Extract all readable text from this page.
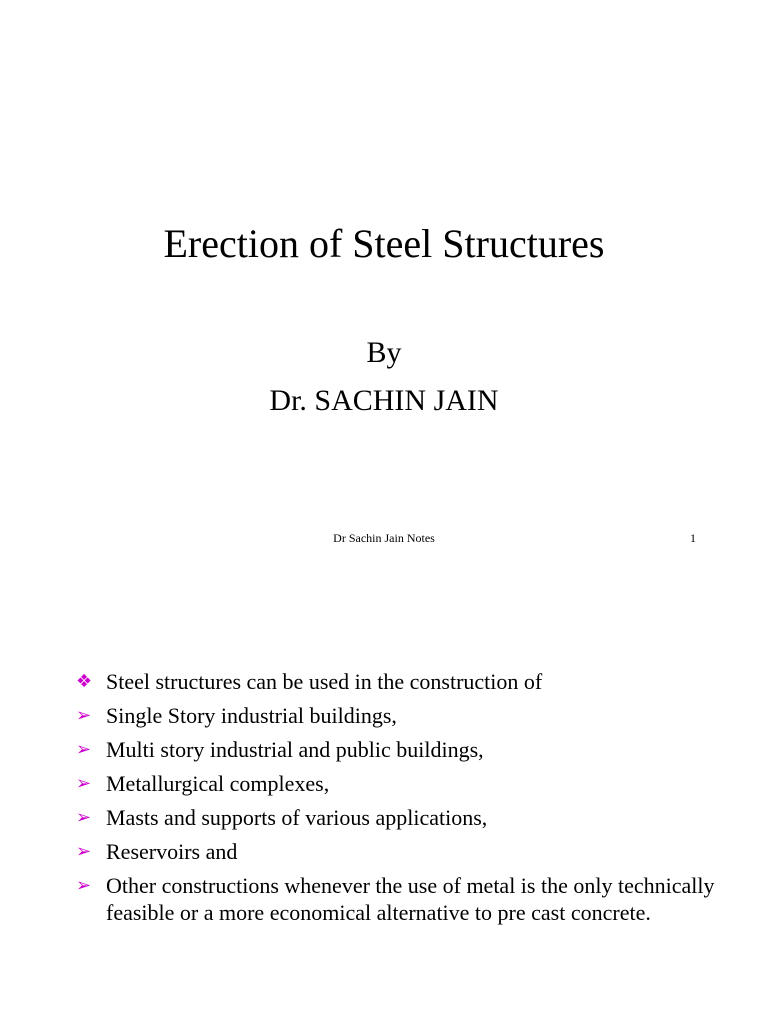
Erection of Steel Structures
By
Dr. SACHIN JAIN
Dr Sachin Jain Notes	1
❖ Steel structures can be used in the construction of
➢ Single Story industrial buildings,
➢ Multi story industrial and public buildings,
➢ Metallurgical complexes,
➢ Masts and supports of various applications,
➢ Reservoirs and
➢ Other constructions whenever the use of metal is the only technically feasible or a more economical alternative to pre cast concrete.
